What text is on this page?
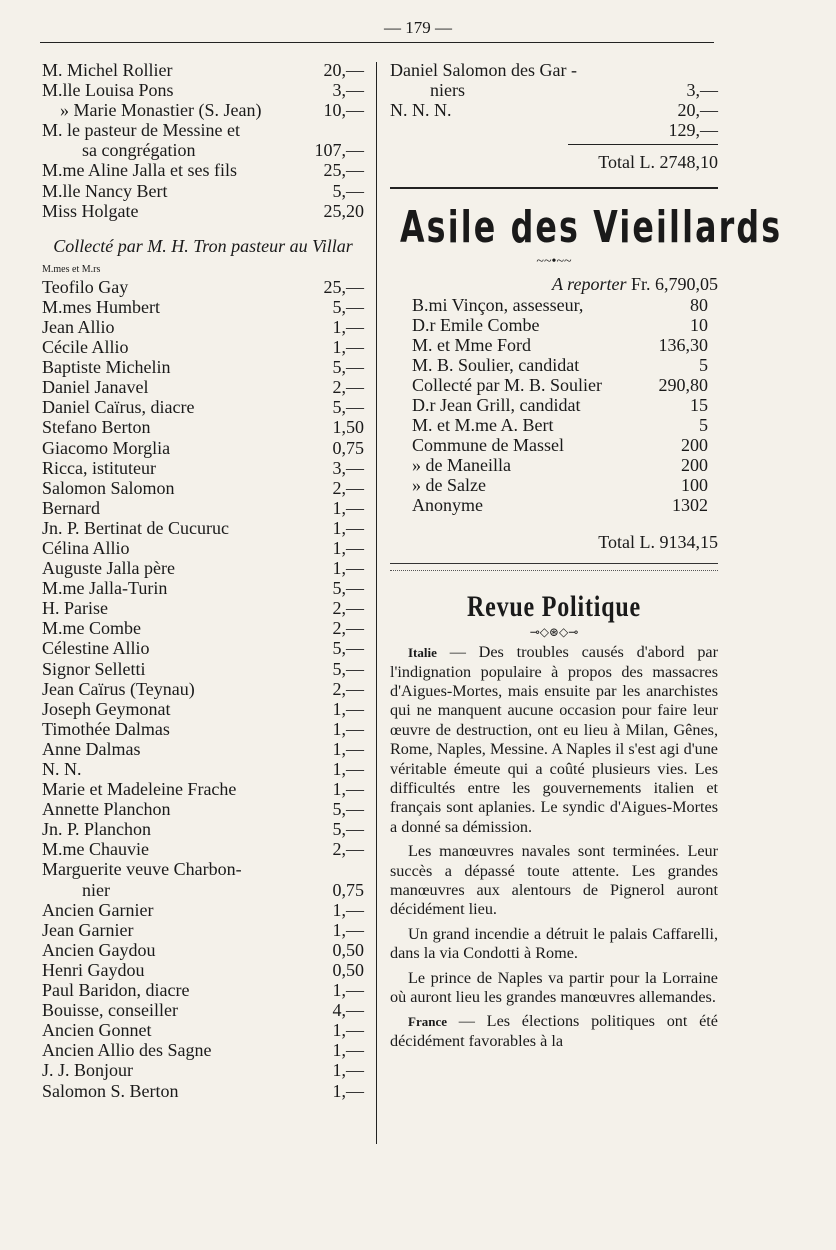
— 179 —
M. Michel Rollier	20,—
M.lle Louisa Pons	3,—
» Marie Monastier (S. Jean)	10,—
M. le pasteur de Messine et
sa congrégation	107,—
M.me Aline Jalla et ses fils	25,—
M.lle Nancy Bert	5,—
Miss Holgate	25,20
Collecté par M. H. Tron pasteur au Villar
M.mes et M.rs
Teofilo Gay	25,—
M.mes Humbert	5,—
Jean Allio	1,—
Cécile Allio	1,—
Baptiste Michelin	5,—
Daniel Janavel	2,—
Daniel Caïrus, diacre	5,—
Stefano Berton	1,50
Giacomo Morglia	0,75
Ricca, istituteur	3,—
Salomon Salomon	2,—
Bernard	1,—
Jn. P. Bertinat de Cucuruc	1,—
Célina Allio	1,—
Auguste Jalla père	1,—
M.me Jalla-Turin	5,—
H. Parise	2,—
M.me Combe	2,—
Célestine Allio	5,—
Signor Selletti	5,—
Jean Caïrus (Teynau)	2,—
Joseph Geymonat	1,—
Timothée Dalmas	1,—
Anne Dalmas	1,—
N. N.	1,—
Marie et Madeleine Frache	1,—
Annette Planchon	5,—
Jn. P. Planchon	5,—
M.me Chauvie	2,—
Marguerite veuve Charbon-
nier	0,75
Ancien Garnier	1,—
Jean Garnier	1,—
Ancien Gaydou	0,50
Henri Gaydou	0,50
Paul Baridon, diacre	1,—
Bouisse, conseiller	4,—
Ancien Gonnet	1,—
Ancien Allio des Sagne	1,—
J. J. Bonjour	1,—
Salomon S. Berton	1,—
Daniel Salomon des Gar -
niers	3,—
N. N. N.	20,—
129,—
Total L. 2748,10
Asile des Vieillards
~~•~~
A reporter Fr. 6,790,05
B.mi Vinçon, assesseur,	80
D.r Emile Combe	10
M. et Mme Ford	136,30
M. B. Soulier, candidat	5
Collecté par M. B. Soulier	290,80
D.r Jean Grill, candidat	15
M. et M.me A. Bert	5
Commune de Massel	200
» de Maneilla	200
» de Salze	100
Anonyme	1302
Total L. 9134,15
Revue Politique
⊸◇⊛◇⊸

Italie — Des troubles causés d'abord par l'indignation populaire à propos des massacres d'Aigues-Mortes, mais ensuite par les anarchistes qui ne manquent aucune occasion pour faire leur œuvre de destruction, ont eu lieu à Milan, Gênes, Rome, Naples, Messine. A Naples il s'est agi d'une véritable émeute qui a coûté plusieurs vies. Les difficultés entre les gouvernements italien et français sont aplanies. Le syndic d'Aigues-Mortes a donné sa démission.

Les manœuvres navales sont terminées. Leur succès a dépassé toute attente. Les grandes manœuvres aux alentours de Pignerol auront décidément lieu.

Un grand incendie a détruit le palais Caffarelli, dans la via Condotti à Rome.

Le prince de Naples va partir pour la Lorraine où auront lieu les grandes manœuvres allemandes.

France — Les élections politiques ont été décidément favorables à la
